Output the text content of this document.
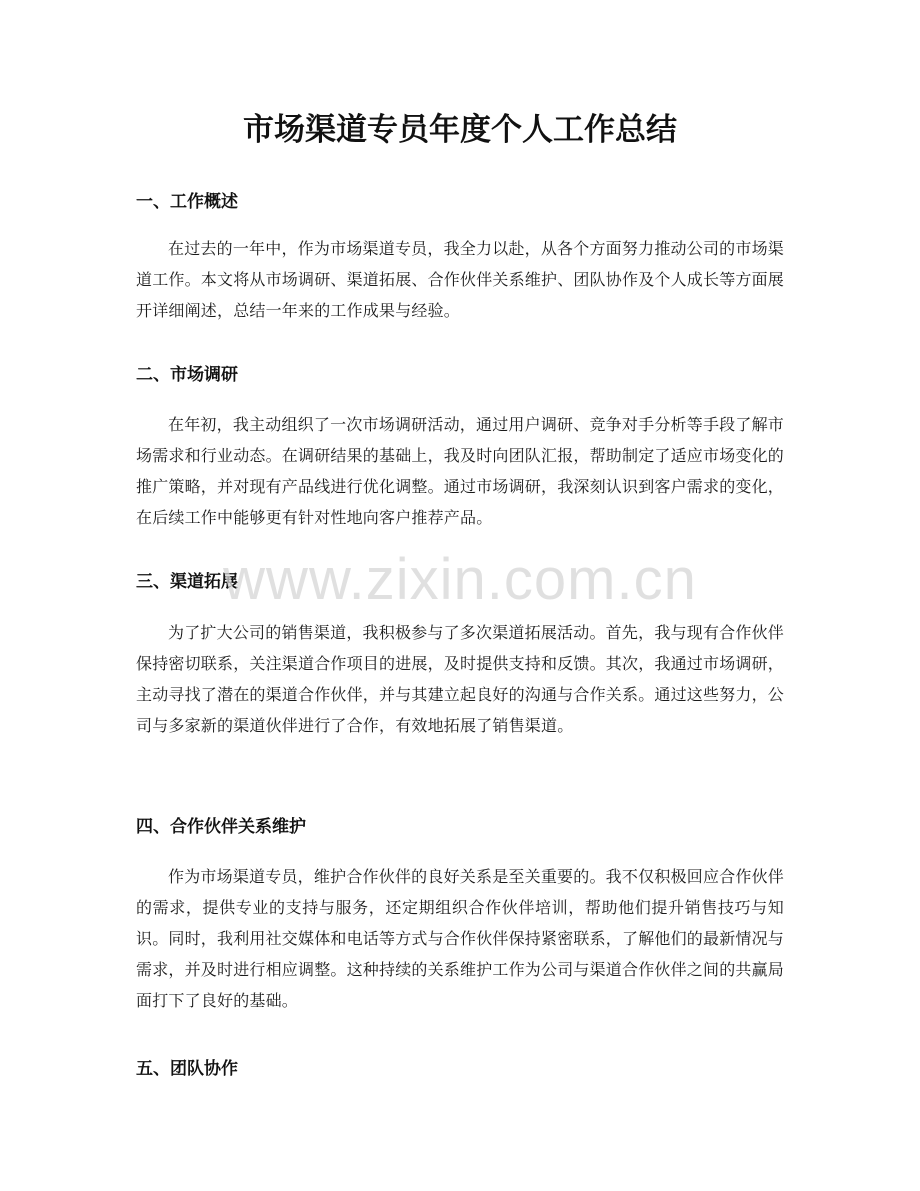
市场渠道专员年度个人工作总结
一、工作概述

在过去的一年中，作为市场渠道专员，我全力以赴，从各个方面努力推动公司的市场渠道工作。本文将从市场调研、渠道拓展、合作伙伴关系维护、团队协作及个人成长等方面展开详细阐述，总结一年来的工作成果与经验。

二、市场调研

在年初，我主动组织了一次市场调研活动，通过用户调研、竞争对手分析等手段了解市场需求和行业动态。在调研结果的基础上，我及时向团队汇报，帮助制定了适应市场变化的推广策略，并对现有产品线进行优化调整。通过市场调研，我深刻认识到客户需求的变化，在后续工作中能够更有针对性地向客户推荐产品。

三、渠道拓展

为了扩大公司的销售渠道，我积极参与了多次渠道拓展活动。首先，我与现有合作伙伴保持密切联系，关注渠道合作项目的进展，及时提供支持和反馈。其次，我通过市场调研，主动寻找了潜在的渠道合作伙伴，并与其建立起良好的沟通与合作关系。通过这些努力，公司与多家新的渠道伙伴进行了合作，有效地拓展了销售渠道。

四、合作伙伴关系维护

作为市场渠道专员，维护合作伙伴的良好关系是至关重要的。我不仅积极回应合作伙伴的需求，提供专业的支持与服务，还定期组织合作伙伴培训，帮助他们提升销售技巧与知识。同时，我利用社交媒体和电话等方式与合作伙伴保持紧密联系，了解他们的最新情况与需求，并及时进行相应调整。这种持续的关系维护工作为公司与渠道合作伙伴之间的共赢局面打下了良好的基础。

五、团队协作
www.zixin.com.cn
